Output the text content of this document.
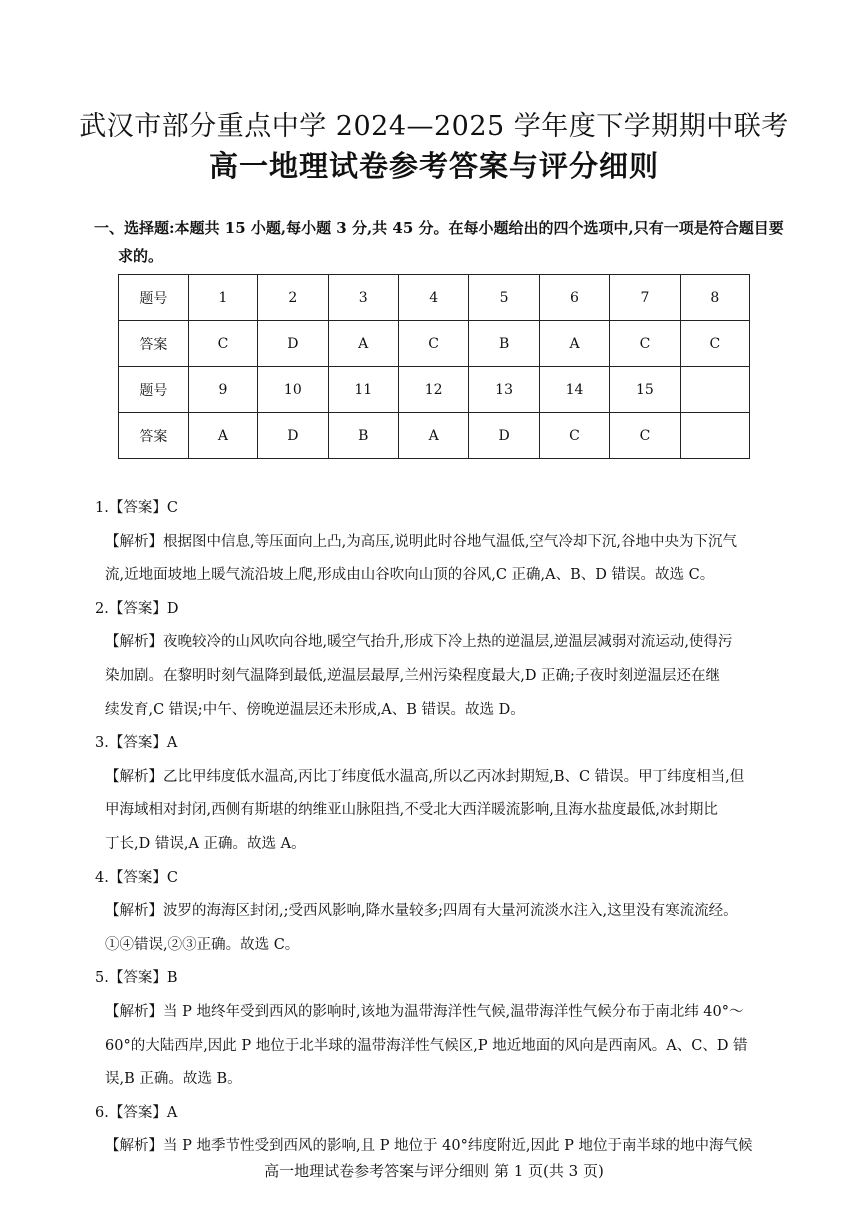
武汉市部分重点中学 2024—2025 学年度下学期期中联考
高一地理试卷参考答案与评分细则
一、选择题:本题共 15 小题,每小题 3 分,共 45 分。在每小题给出的四个选项中,只有一项是符合题目要
求的。
题号	1	2	3	4	5	6	7	8
答案	C	D	A	C	B	A	C	C
题号	9	10	11	12	13	14	15	
答案	A	D	B	A	D	C	C	

1.【答案】C

【解析】根据图中信息,等压面向上凸,为高压,说明此时谷地气温低,空气冷却下沉,谷地中央为下沉气

流,近地面坡地上暖气流沿坡上爬,形成由山谷吹向山顶的谷风,C 正确,A、B、D 错误。故选 C。

2.【答案】D

【解析】夜晚较冷的山风吹向谷地,暖空气抬升,形成下冷上热的逆温层,逆温层减弱对流运动,使得污

染加剧。在黎明时刻气温降到最低,逆温层最厚,兰州污染程度最大,D 正确;子夜时刻逆温层还在继

续发育,C 错误;中午、傍晚逆温层还未形成,A、B 错误。故选 D。

3.【答案】A

【解析】乙比甲纬度低水温高,丙比丁纬度低水温高,所以乙丙冰封期短,B、C 错误。甲丁纬度相当,但

甲海域相对封闭,西侧有斯堪的纳维亚山脉阻挡,不受北大西洋暖流影响,且海水盐度最低,冰封期比

丁长,D 错误,A 正确。故选 A。

4.【答案】C

【解析】波罗的海海区封闭,;受西风影响,降水量较多;四周有大量河流淡水注入,这里没有寒流流经。

①④错误,②③正确。故选 C。

5.【答案】B

【解析】当 P 地终年受到西风的影响时,该地为温带海洋性气候,温带海洋性气候分布于南北纬 40°～

60°的大陆西岸,因此 P 地位于北半球的温带海洋性气候区,P 地近地面的风向是西南风。A、C、D 错

误,B 正确。故选 B。

6.【答案】A

【解析】当 P 地季节性受到西风的影响,且 P 地位于 40°纬度附近,因此 P 地位于南半球的地中海气候

高一地理试卷参考答案与评分细则 第 1 页(共 3 页)
